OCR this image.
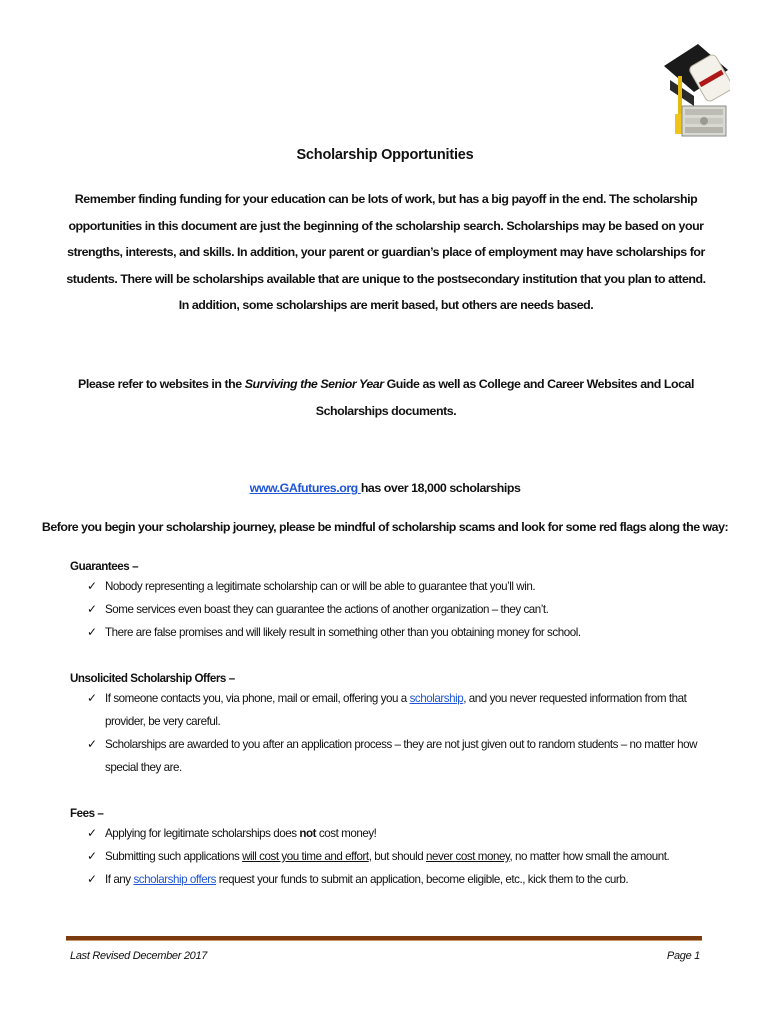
Scholarship Opportunities
Remember finding funding for your education can be lots of work, but has a big payoff in the end. The scholarship opportunities in this document are just the beginning of the scholarship search. Scholarships may be based on your strengths, interests, and skills. In addition, your parent or guardian’s place of employment may have scholarships for students. There will be scholarships available that are unique to the postsecondary institution that you plan to attend. In addition, some scholarships are merit based, but others are needs based.
Please refer to websites in the Surviving the Senior Year Guide as well as College and Career Websites and Local Scholarships documents.
www.GAfutures.org has over 18,000 scholarships
Before you begin your scholarship journey, please be mindful of scholarship scams and look for some red flags along the way:
Guarantees –
✓ Nobody representing a legitimate scholarship can or will be able to guarantee that you’ll win.
✓ Some services even boast they can guarantee the actions of another organization – they can’t.
✓ There are false promises and will likely result in something other than you obtaining money for school.
Unsolicited Scholarship Offers –
✓ If someone contacts you, via phone, mail or email, offering you a scholarship, and you never requested information from that provider, be very careful.
✓ Scholarships are awarded to you after an application process – they are not just given out to random students – no matter how special they are.
Fees –
✓ Applying for legitimate scholarships does not cost money!
✓ Submitting such applications will cost you time and effort, but should never cost money, no matter how small the amount.
✓ If any scholarship offers request your funds to submit an application, become eligible, etc., kick them to the curb.
Last Revised December 2017	Page 1
